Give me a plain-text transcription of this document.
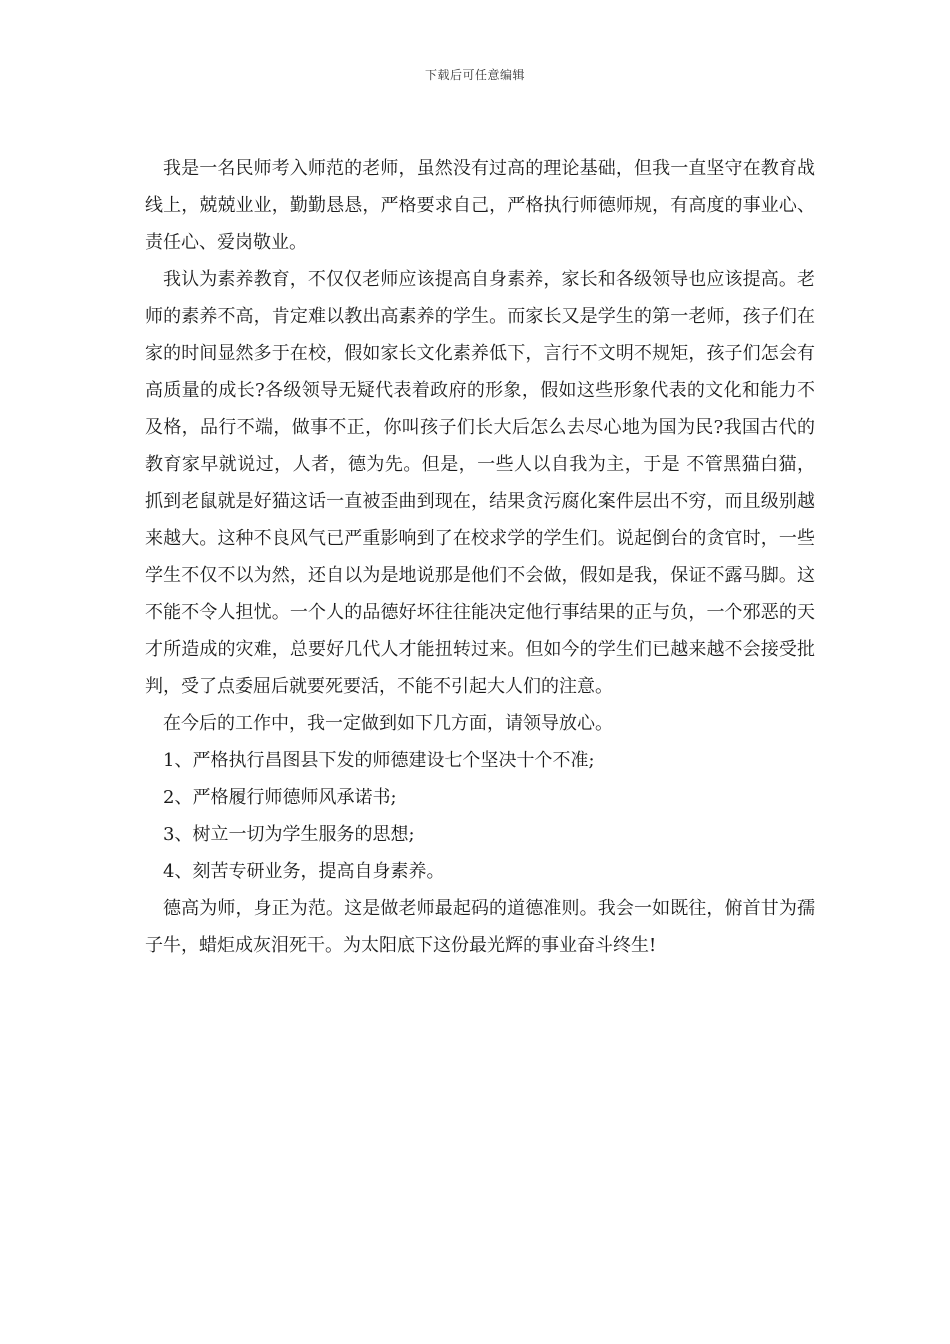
下载后可任意编辑

我是一名民师考入师范的老师，虽然没有过高的理论基础，但我一直坚守在教育战线上，兢兢业业，勤勤恳恳，严格要求自己，严格执行师德师规，有高度的事业心、责任心、爱岗敬业。

我认为素养教育，不仅仅老师应该提高自身素养，家长和各级领导也应该提高。老师的素养不高，肯定难以教出高素养的学生。而家长又是学生的第一老师，孩子们在家的时间显然多于在校，假如家长文化素养低下，言行不文明不规矩，孩子们怎会有高质量的成长?各级领导无疑代表着政府的形象，假如这些形象代表的文化和能力不及格，品行不端，做事不正，你叫孩子们长大后怎么去尽心地为国为民?我国古代的教育家早就说过，人者，德为先。但是，一些人以自我为主，于是 不管黑猫白猫，抓到老鼠就是好猫这话一直被歪曲到现在，结果贪污腐化案件层出不穷，而且级别越来越大。这种不良风气已严重影响到了在校求学的学生们。说起倒台的贪官时，一些学生不仅不以为然，还自以为是地说那是他们不会做，假如是我，保证不露马脚。这不能不令人担忧。一个人的品德好坏往往能决定他行事结果的正与负，一个邪恶的天才所造成的灾难，总要好几代人才能扭转过来。但如今的学生们已越来越不会接受批判，受了点委屈后就要死要活，不能不引起大人们的注意。

在今后的工作中，我一定做到如下几方面，请领导放心。

1、严格执行昌图县下发的师德建设七个坚决十个不准;

2、严格履行师德师风承诺书;

3、树立一切为学生服务的思想;

4、刻苦专研业务，提高自身素养。

德高为师，身正为范。这是做老师最起码的道德准则。我会一如既往，俯首甘为孺子牛，蜡炬成灰泪死干。为太阳底下这份最光辉的事业奋斗终生!
